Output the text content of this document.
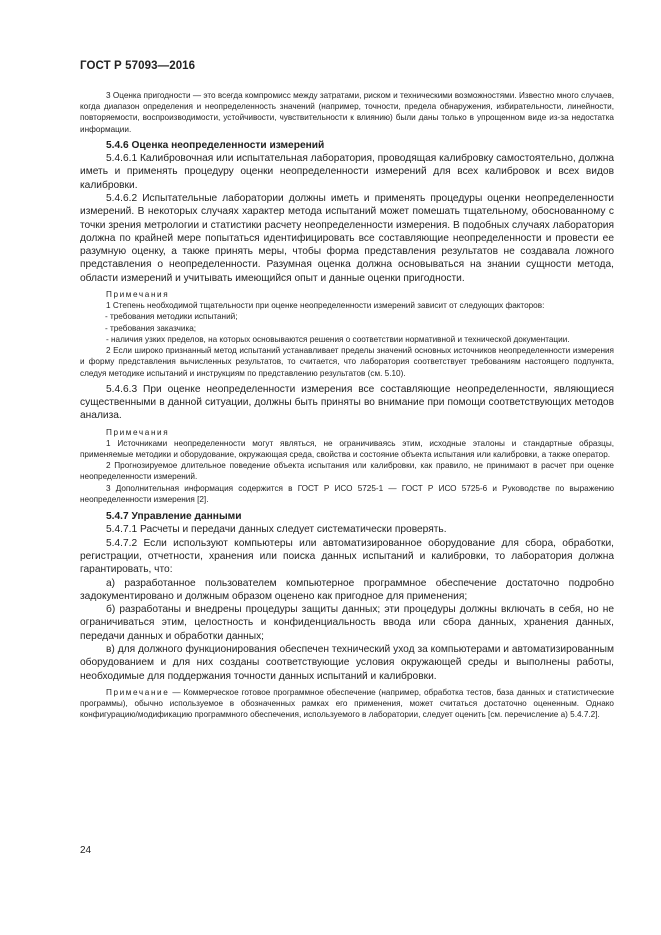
ГОСТ Р 57093—2016

3 Оценка пригодности — это всегда компромисс между затратами, риском и техническими возможностями. Известно много случаев, когда диапазон определения и неопределенность значений (например, точности, предела обнаружения, избирательности, линейности, повторяемости, воспроизводимости, устойчивости, чувствительности к влиянию) были даны только в упрощенном виде из-за недостатка информации.

5.4.6 Оценка неопределенности измерений

5.4.6.1 Калибровочная или испытательная лаборатория, проводящая калибровку самостоятельно, должна иметь и применять процедуру оценки неопределенности измерений для всех калибровок и всех видов калибровки.

5.4.6.2 Испытательные лаборатории должны иметь и применять процедуры оценки неопределенности измерений. В некоторых случаях характер метода испытаний может помешать тщательному, обоснованному с точки зрения метрологии и статистики расчету неопределенности измерения. В подобных случаях лаборатория должна по крайней мере попытаться идентифицировать все составляющие неопределенности и провести ее разумную оценку, а также принять меры, чтобы форма представления результатов не создавала ложного представления о неопределенности. Разумная оценка должна основываться на знании сущности метода, области измерений и учитывать имеющийся опыт и данные оценки пригодности.

Примечания

1 Степень необходимой тщательности при оценке неопределенности измерений зависит от следующих факторов:

- требования методики испытаний;

- требования заказчика;

- наличия узких пределов, на которых основываются решения о соответствии нормативной и технической документации.

2 Если широко признанный метод испытаний устанавливает пределы значений основных источников неопределенности измерения и форму представления вычисленных результатов, то считается, что лаборатория соответствует требованиям настоящего подпункта, следуя методике испытаний и инструкциям по представлению результатов (см. 5.10).

5.4.6.3 При оценке неопределенности измерения все составляющие неопределенности, являющиеся существенными в данной ситуации, должны быть приняты во внимание при помощи соответствующих методов анализа.

Примечания

1 Источниками неопределенности могут являться, не ограничиваясь этим, исходные эталоны и стандартные образцы, применяемые методики и оборудование, окружающая среда, свойства и состояние объекта испытания или калибровки, а также оператор.

2 Прогнозируемое длительное поведение объекта испытания или калибровки, как правило, не принимают в расчет при оценке неопределенности измерений.

3 Дополнительная информация содержится в ГОСТ Р ИСО 5725-1 — ГОСТ Р ИСО 5725-6 и Руководстве по выражению неопределенности измерения [2].

5.4.7 Управление данными

5.4.7.1 Расчеты и передачи данных следует систематически проверять.

5.4.7.2 Если используют компьютеры или автоматизированное оборудование для сбора, обработки, регистрации, отчетности, хранения или поиска данных испытаний и калибровки, то лаборатория должна гарантировать, что:

а) разработанное пользователем компьютерное программное обеспечение достаточно подробно задокументировано и должным образом оценено как пригодное для применения;

б) разработаны и внедрены процедуры защиты данных; эти процедуры должны включать в себя, но не ограничиваться этим, целостность и конфиденциальность ввода или сбора данных, хранения данных, передачи данных и обработки данных;

в) для должного функционирования обеспечен технический уход за компьютерами и автоматизированным оборудованием и для них созданы соответствующие условия окружающей среды и выполнены работы, необходимые для поддержания точности данных испытаний и калибровки.

Примечание — Коммерческое готовое программное обеспечение (например, обработка тестов, база данных и статистические программы), обычно используемое в обозначенных рамках его применения, может считаться достаточно оцененным. Однако конфигурацию/модификацию программного обеспечения, используемого в лаборатории, следует оценить [см. перечисление а) 5.4.7.2].

24
